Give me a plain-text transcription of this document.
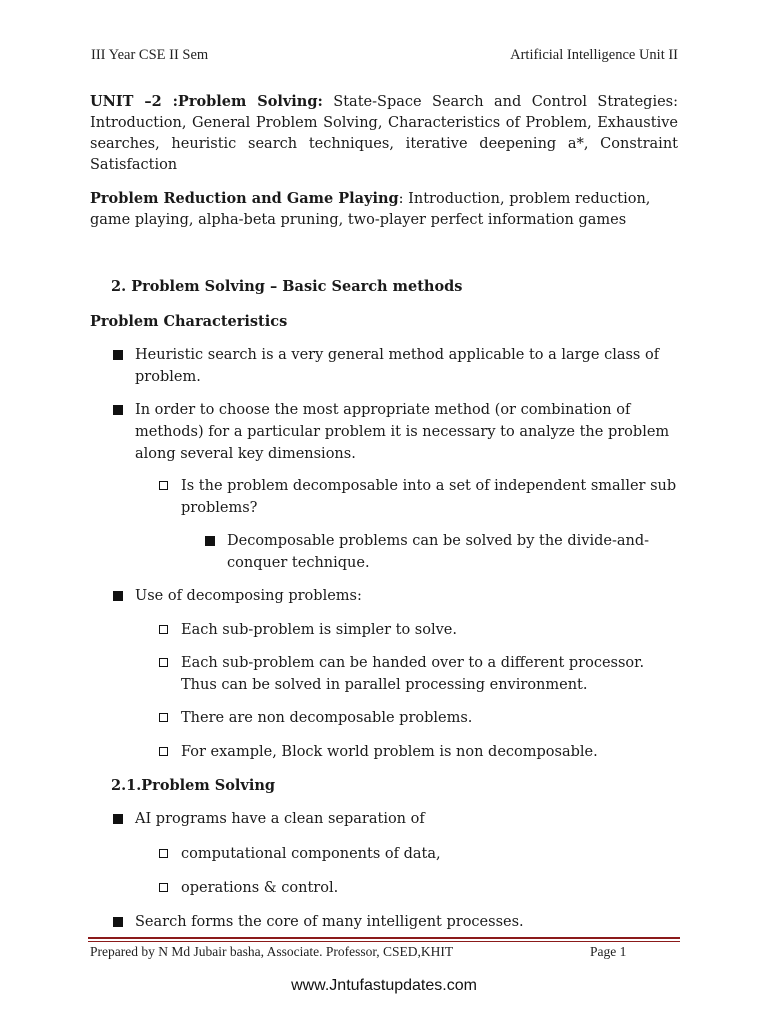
III Year CSE II Sem	Artificial Intelligence Unit II
UNIT –2 :Problem Solving: State-Space Search and Control Strategies: Introduction, General Problem Solving, Characteristics of Problem, Exhaustive searches, heuristic search techniques, iterative deepening a*, Constraint Satisfaction
Problem Reduction and Game Playing: Introduction, problem reduction, game playing, alpha-beta pruning, two-player perfect information games
2. Problem Solving – Basic Search methods
Problem Characteristics
Heuristic search is a very general method applicable to a large class of problem.
In order to choose the most appropriate method (or combination of methods) for a particular problem it is necessary to analyze the problem along several key dimensions.
Is the problem decomposable into a set of independent smaller sub problems?
Decomposable problems can be solved by the divide-and-conquer technique.
Use of decomposing problems:
Each sub-problem is simpler to solve.
Each sub-problem can be handed over to a different processor. Thus can be solved in parallel processing environment.
There are non decomposable problems.
For example, Block world problem is non decomposable.
2.1.Problem Solving
AI programs have a clean separation of
computational components of data,
operations & control.
Search forms the core of many intelligent processes.
Prepared by N Md Jubair basha, Associate. Professor, CSED,KHIT	Page 1
www.Jntufastupdates.com
